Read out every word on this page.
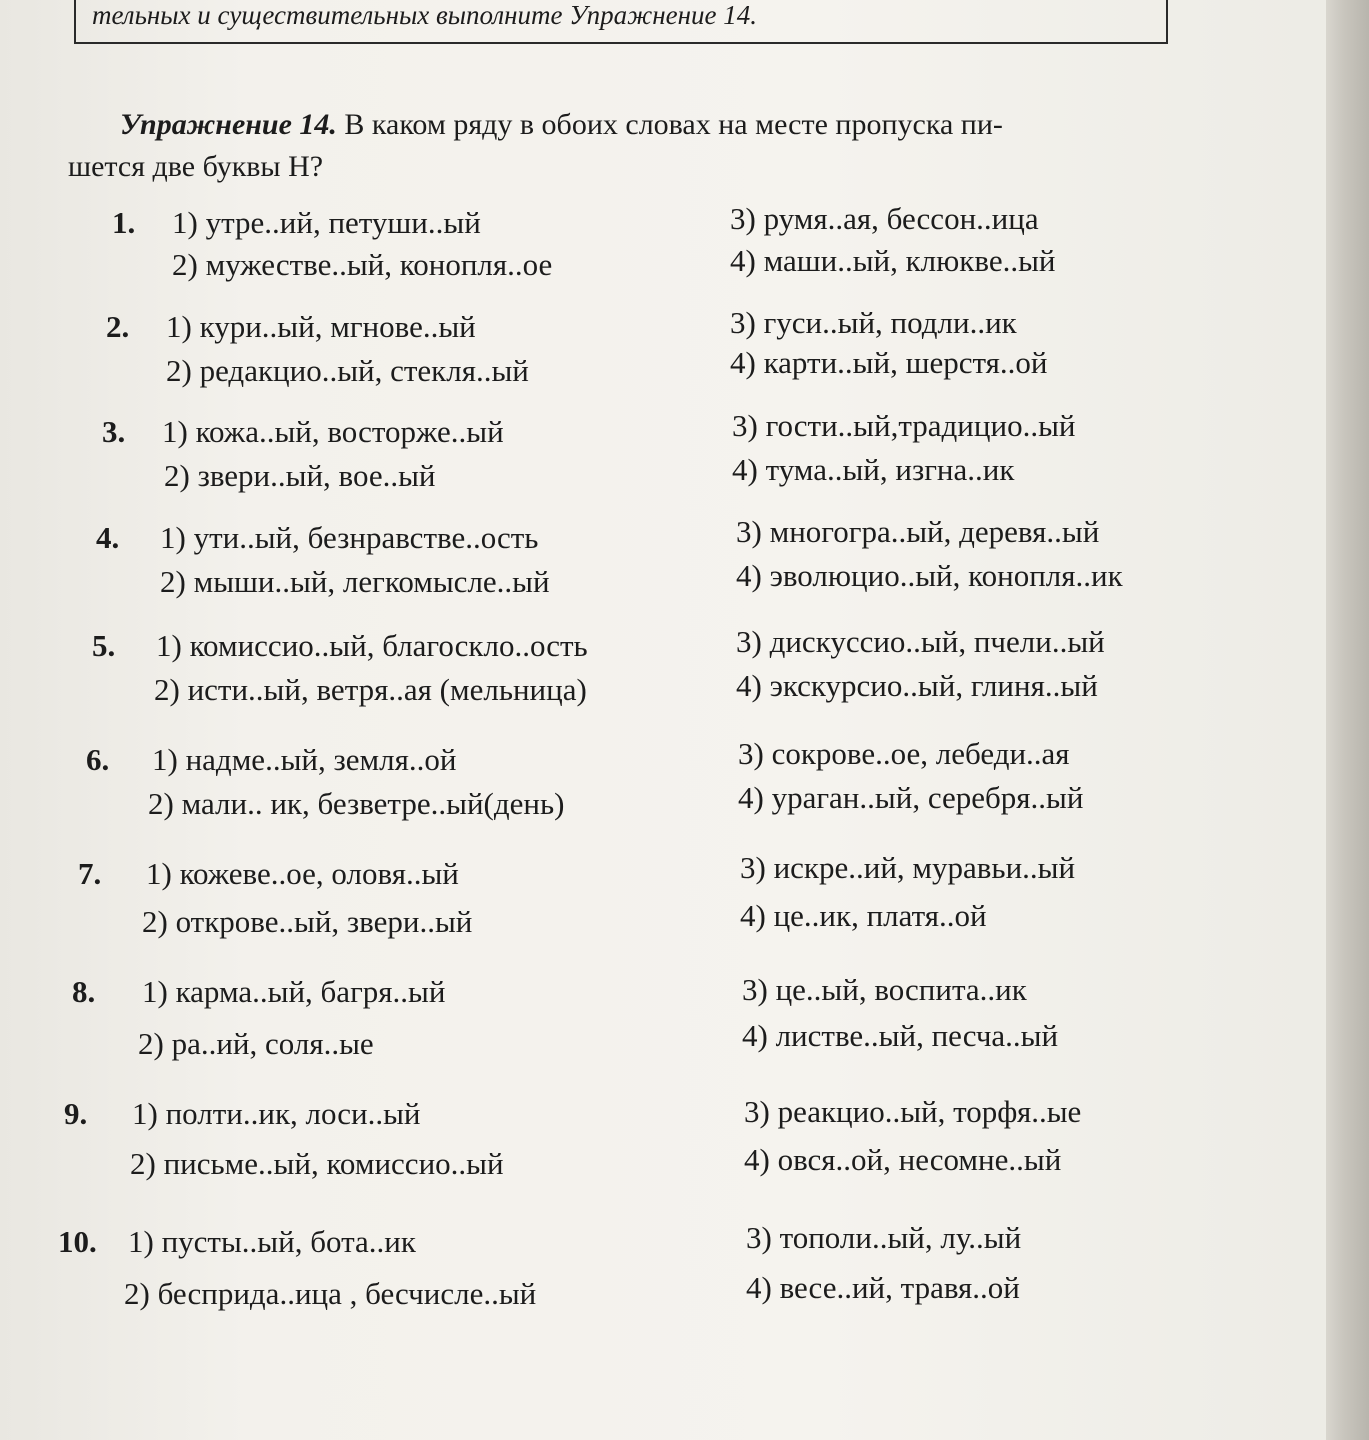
тельных и существительных выполните Упражнение 14.
Упражнение 14. В каком ряду в обоих словах на месте пропуска пи-
шется две буквы Н?
1. 1) утре..ий, петуши..ый
2) мужестве..ый, конопля..ое
3) румя..ая, бессон..ица
4) маши..ый, клюкве..ый
2. 1) кури..ый, мгнове..ый
2) редакцио..ый, стекля..ый
3) гуси..ый, подли..ик
4) карти..ый, шерстя..ой
3. 1) кожа..ый, восторже..ый
2) звери..ый, вое..ый
3) гости..ый,традицио..ый
4) тума..ый, изгна..ик
4. 1) ути..ый, безнравстве..ость
2) мыши..ый, легкомысле..ый
3) многогра..ый, деревя..ый
4) эволюцио..ый, конопля..ик
5. 1) комиссио..ый, благоскло..ость
2) исти..ый, ветря..ая (мельница)
3) дискуссио..ый, пчели..ый
4) экскурсио..ый, глиня..ый
6. 1) надме..ый, земля..ой
2) мали.. ик, безветре..ый(день)
3) сокрове..ое, лебеди..ая
4) ураган..ый, серебря..ый
7. 1) кожеве..ое, оловя..ый
2) открове..ый, звери..ый
3) искре..ий, муравьи..ый
4) це..ик, платя..ой
8. 1) карма..ый, багря..ый
2) ра..ий, соля..ые
3) це..ый, воспита..ик
4) листве..ый, песча..ый
9. 1) полти..ик, лоси..ый
2) письме..ый, комиссио..ый
3) реакцио..ый, торфя..ые
4) овся..ой, несомне..ый
10. 1) пусты..ый, бота..ик
2) бесприда..ица , бесчисле..ый
3) тополи..ый, лу..ый
4) весе..ий, травя..ой
